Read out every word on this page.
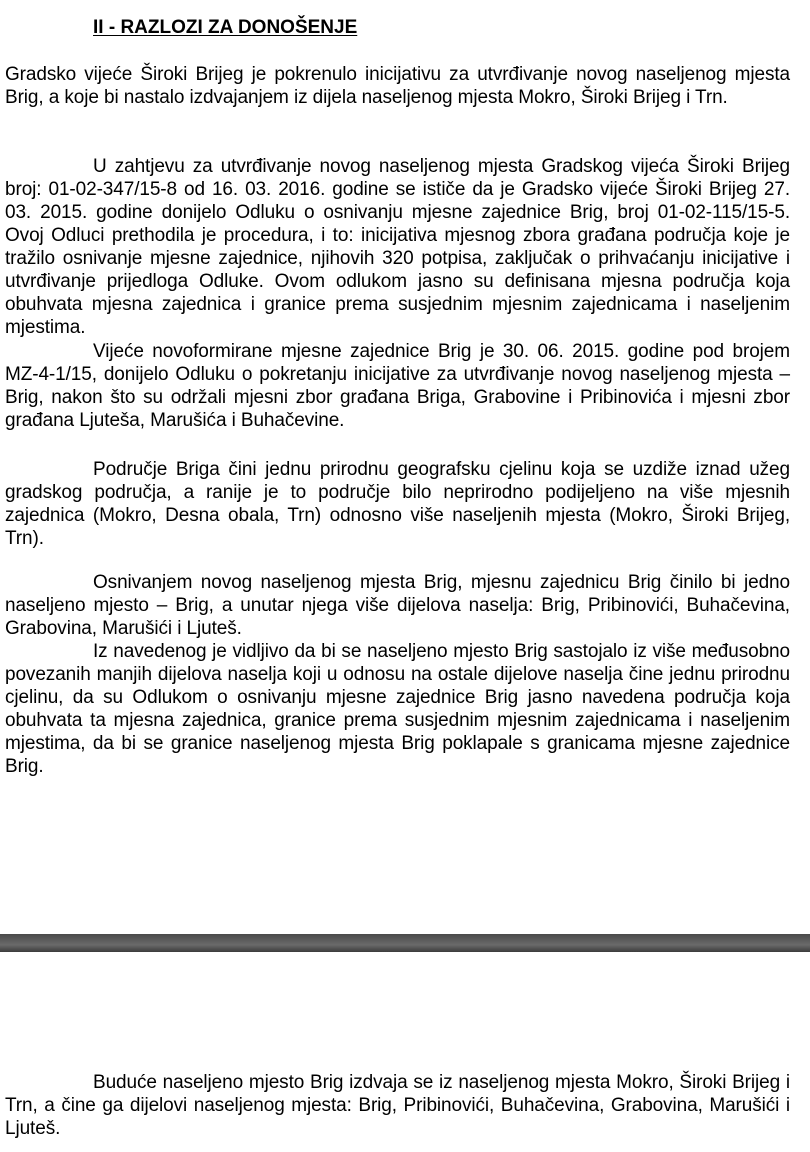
II - RAZLOZI ZA DONOŠENJE

Gradsko vijeće Široki Brijeg je pokrenulo inicijativu za utvrđivanje novog naseljenog mjesta Brig, a koje bi nastalo izdvajanjem iz dijela naseljenog mjesta Mokro, Široki Brijeg i Trn.

U zahtjevu za utvrđivanje novog naseljenog mjesta Gradskog vijeća Široki Brijeg broj: 01-02-347/15-8 od 16. 03. 2016. godine se ističe da je Gradsko vijeće Široki Brijeg 27. 03. 2015. godine donijelo Odluku o osnivanju mjesne zajednice Brig, broj 01-02-115/15-5. Ovoj Odluci prethodila je procedura, i to: inicijativa mjesnog zbora građana područja koje je tražilo osnivanje mjesne zajednice, njihovih 320 potpisa, zaključak o prihvaćanju inicijative i utvrđivanje prijedloga Odluke. Ovom odlukom jasno su definisana mjesna područja koja obuhvata mjesna zajednica i granice prema susjednim mjesnim zajednicama i naseljenim mjestima.

Vijeće novoformirane mjesne zajednice Brig je 30. 06. 2015. godine pod brojem MZ-4-1/15, donijelo Odluku o pokretanju inicijative za utvrđivanje novog naseljenog mjesta – Brig, nakon što su održali mjesni zbor građana Briga, Grabovine i Pribinovića i mjesni zbor građana Ljuteša, Marušića i Buhačevine.

Područje Briga čini jednu prirodnu geografsku cjelinu koja se uzdiže iznad užeg gradskog područja, a ranije je to područje bilo neprirodno podijeljeno na više mjesnih zajednica (Mokro, Desna obala, Trn) odnosno više naseljenih mjesta (Mokro, Široki Brijeg, Trn).

Osnivanjem novog naseljenog mjesta Brig, mjesnu zajednicu Brig činilo bi jedno naseljeno mjesto – Brig, a unutar njega više dijelova naselja: Brig, Pribinovići, Buhačevina, Grabovina, Marušići i Ljuteš.

Iz navedenog je vidljivo da bi se naseljeno mjesto Brig sastojalo iz više međusobno povezanih manjih dijelova naselja koji u odnosu na ostale dijelove naselja čine jednu prirodnu cjelinu, da su Odlukom o osnivanju mjesne zajednice Brig jasno navedena područja koja obuhvata ta mjesna zajednica, granice prema susjednim mjesnim zajednicama i naseljenim mjestima, da bi se granice naseljenog mjesta Brig poklapale s granicama mjesne zajednice Brig.

Buduće naseljeno mjesto Brig izdvaja se iz naseljenog mjesta Mokro, Široki Brijeg i Trn, a čine ga dijelovi naseljenog mjesta: Brig, Pribinovići, Buhačevina, Grabovina, Marušići i Ljuteš.
